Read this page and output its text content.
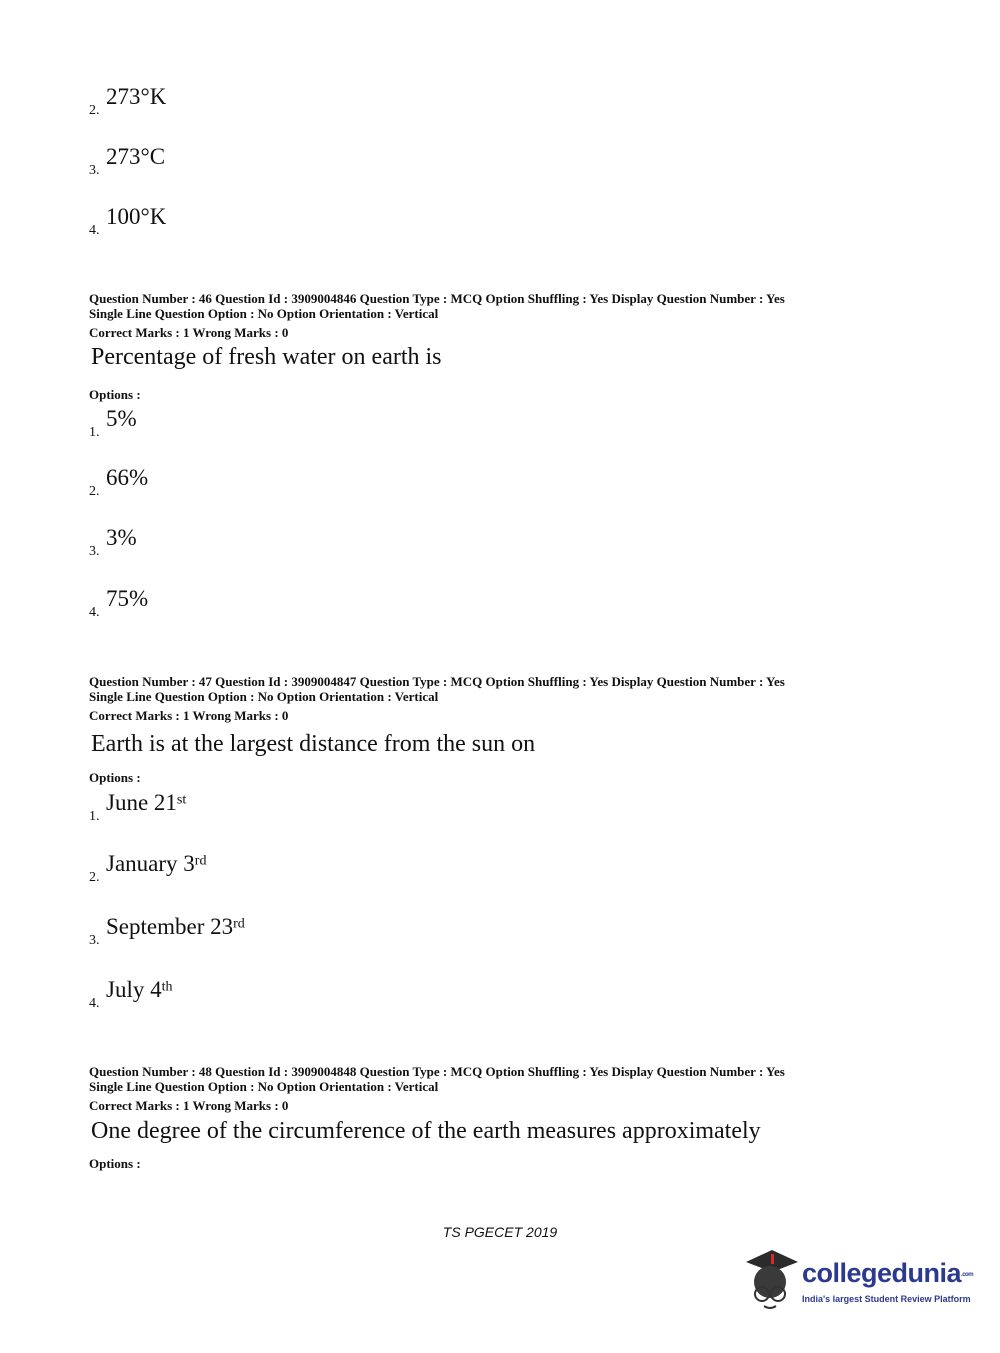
2.273°K
3.273°C
4.100°K
Question Number : 46 Question Id : 3909004846 Question Type : MCQ Option Shuffling : Yes Display Question Number : Yes
Single Line Question Option : No Option Orientation : Vertical
Correct Marks : 1 Wrong Marks : 0
Percentage of fresh water on earth is
Options :
1.5%
2.66%
3.3%
4.75%
Question Number : 47 Question Id : 3909004847 Question Type : MCQ Option Shuffling : Yes Display Question Number : Yes
Single Line Question Option : No Option Orientation : Vertical
Correct Marks : 1 Wrong Marks : 0
Earth is at the largest distance from the sun on
Options :
1.June 21st
2.January 3rd
3.September 23rd
4.July 4th
Question Number : 48 Question Id : 3909004848 Question Type : MCQ Option Shuffling : Yes Display Question Number : Yes
Single Line Question Option : No Option Orientation : Vertical
Correct Marks : 1 Wrong Marks : 0
One degree of the circumference of the earth measures approximately
Options :
TS PGECET 2019
collegedunia.com
India's largest Student Review Platform
